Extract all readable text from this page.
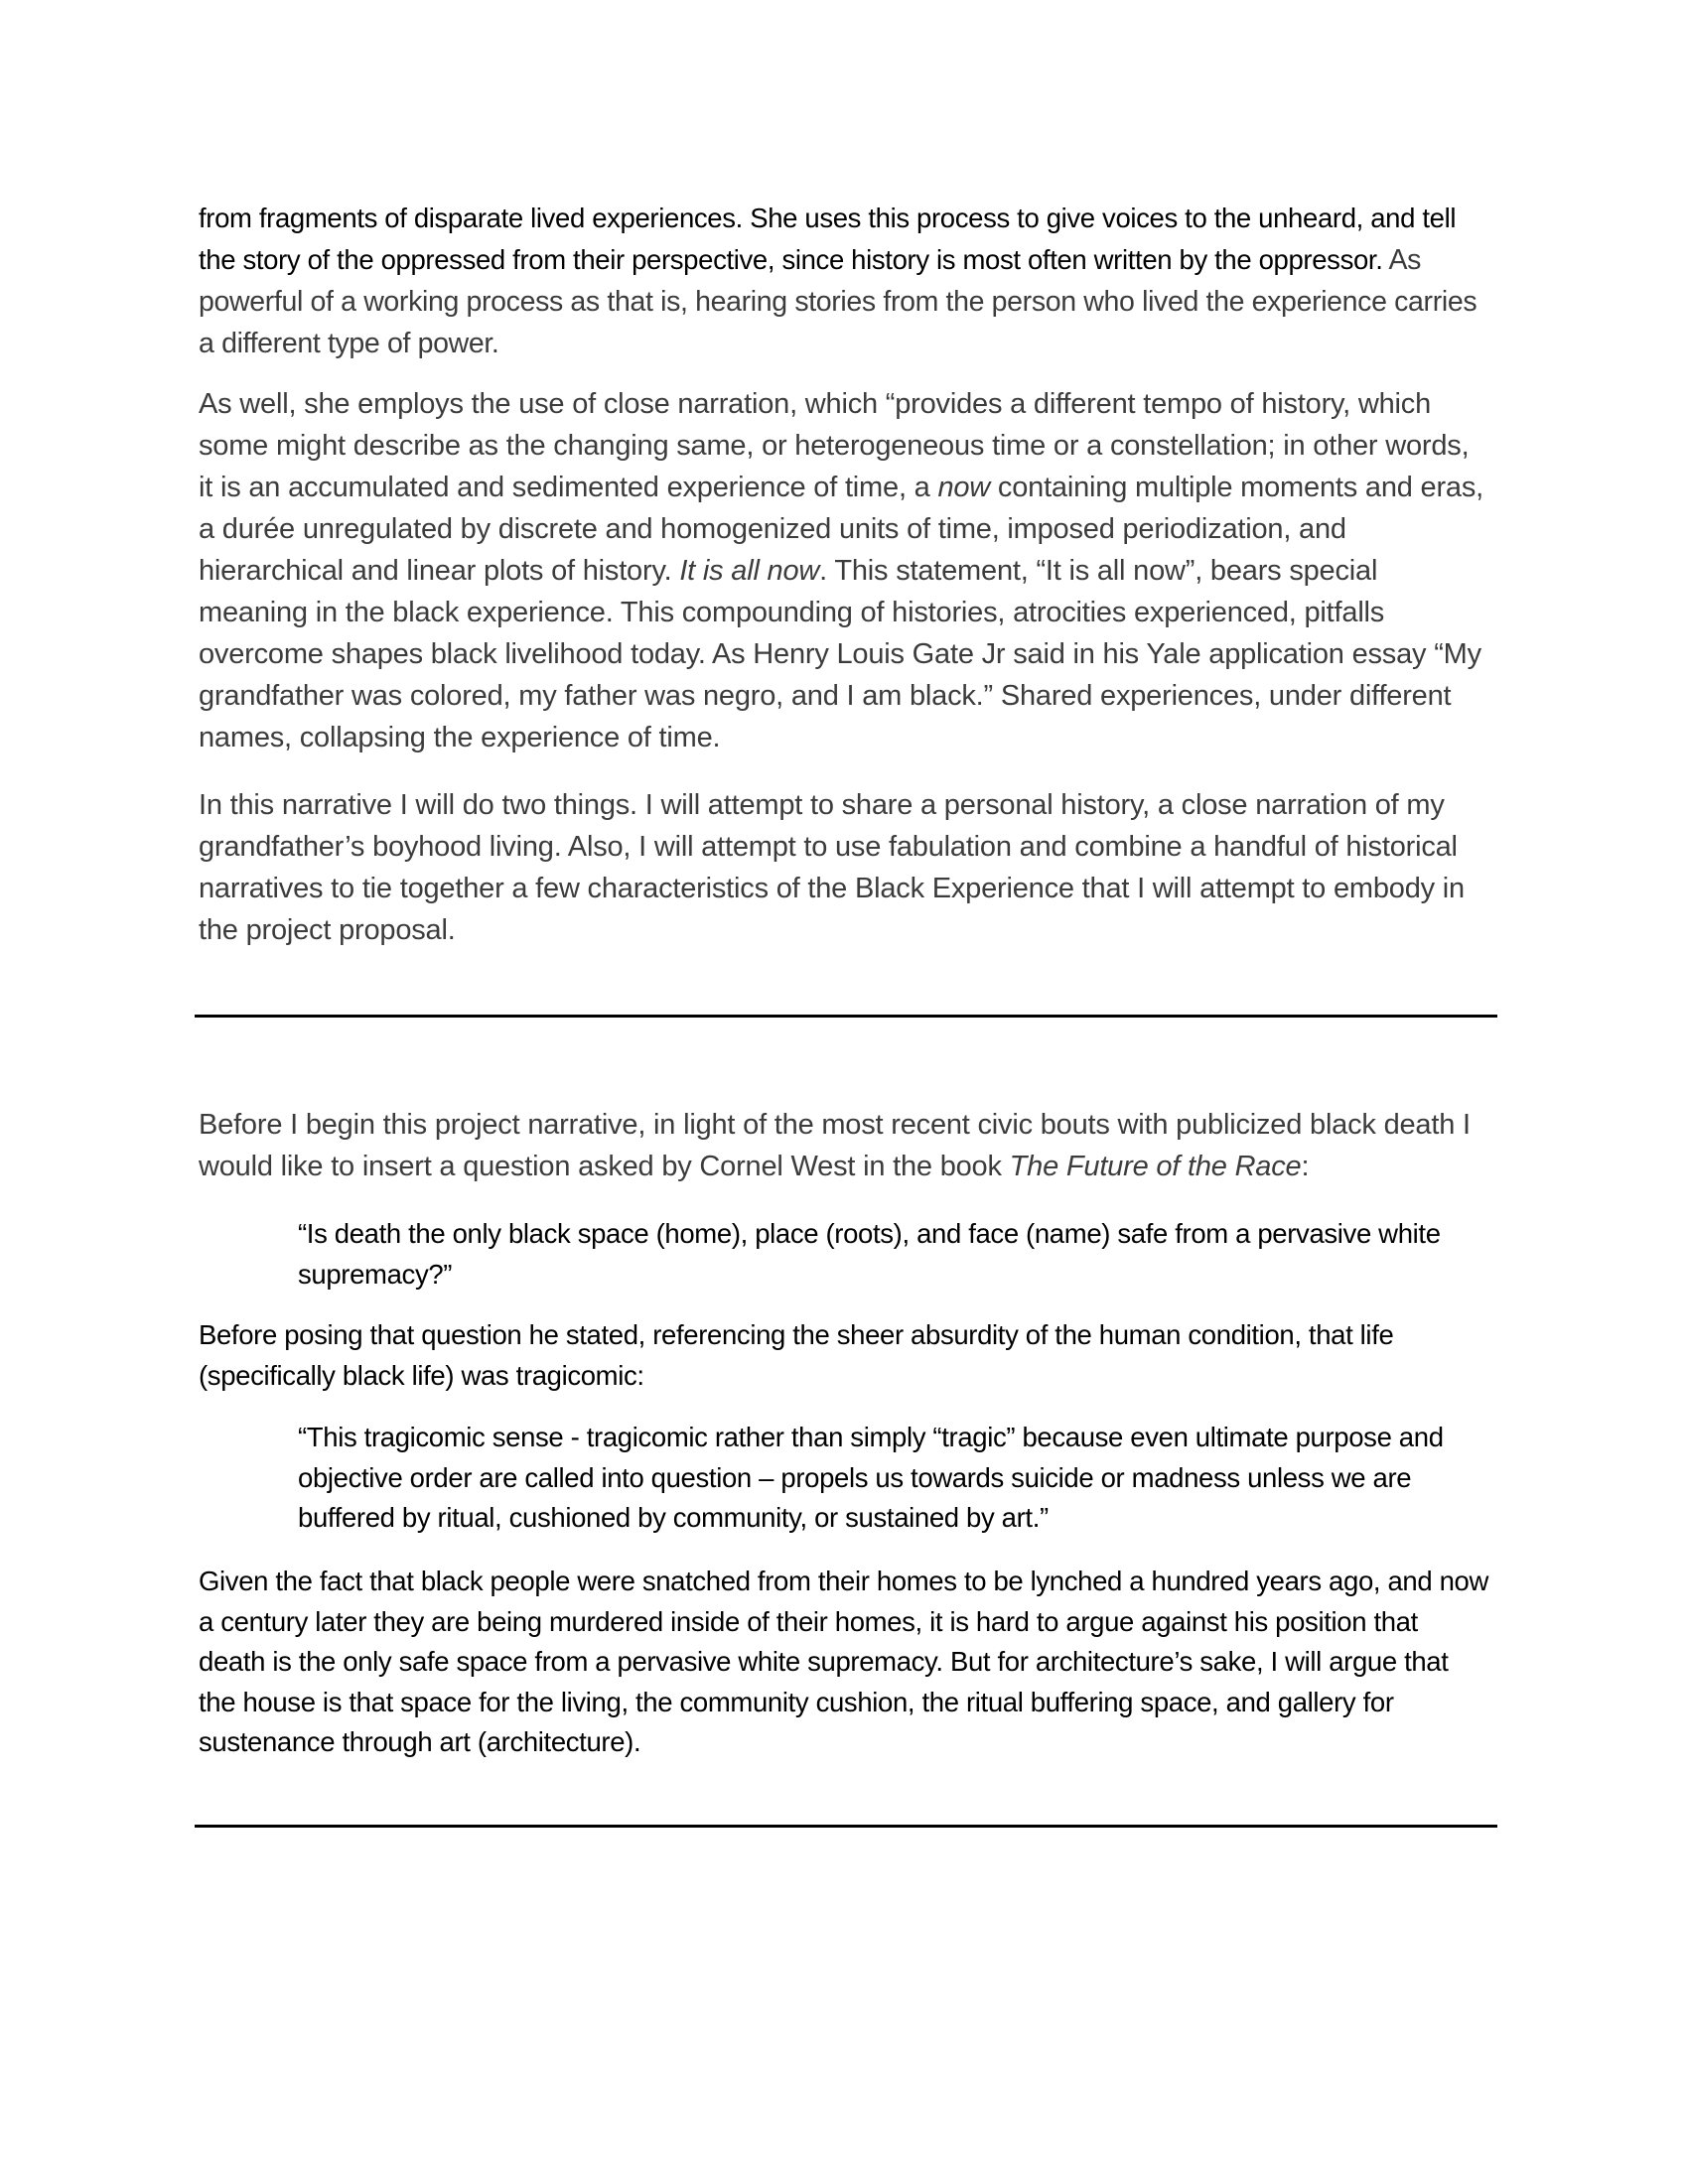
from fragments of disparate lived experiences. She uses this process to give voices to the unheard, and tell the story of the oppressed from their perspective, since history is most often written by the oppressor. As powerful of a working process as that is, hearing stories from the person who lived the experience carries a different type of power.

As well, she employs the use of close narration, which “provides a different tempo of history, which some might describe as the changing same, or heterogeneous time or a constellation; in other words, it is an accumulated and sedimented experience of time, a now containing multiple moments and eras, a durée unregulated by discrete and homogenized units of time, imposed periodization, and hierarchical and linear plots of history. It is all now. This statement, “It is all now”, bears special meaning in the black experience. This compounding of histories, atrocities experienced, pitfalls overcome shapes black livelihood today. As Henry Louis Gate Jr said in his Yale application essay “My grandfather was colored, my father was negro, and I am black.” Shared experiences, under different names, collapsing the experience of time.

In this narrative I will do two things. I will attempt to share a personal history, a close narration of my grandfather’s boyhood living. Also, I will attempt to use fabulation and combine a handful of historical narratives to tie together a few characteristics of the Black Experience that I will attempt to embody in the project proposal.

Before I begin this project narrative, in light of the most recent civic bouts with publicized black death I would like to insert a question asked by Cornel West in the book The Future of the Race:

“Is death the only black space (home), place (roots), and face (name) safe from a pervasive white supremacy?”

Before posing that question he stated, referencing the sheer absurdity of the human condition, that life (specifically black life) was tragicomic:

“This tragicomic sense - tragicomic rather than simply “tragic” because even ultimate purpose and objective order are called into question – propels us towards suicide or madness unless we are buffered by ritual, cushioned by community, or sustained by art.”

Given the fact that black people were snatched from their homes to be lynched a hundred years ago, and now a century later they are being murdered inside of their homes, it is hard to argue against his position that death is the only safe space from a pervasive white supremacy. But for architecture’s sake, I will argue that the house is that space for the living, the community cushion, the ritual buffering space, and gallery for sustenance through art (architecture).
